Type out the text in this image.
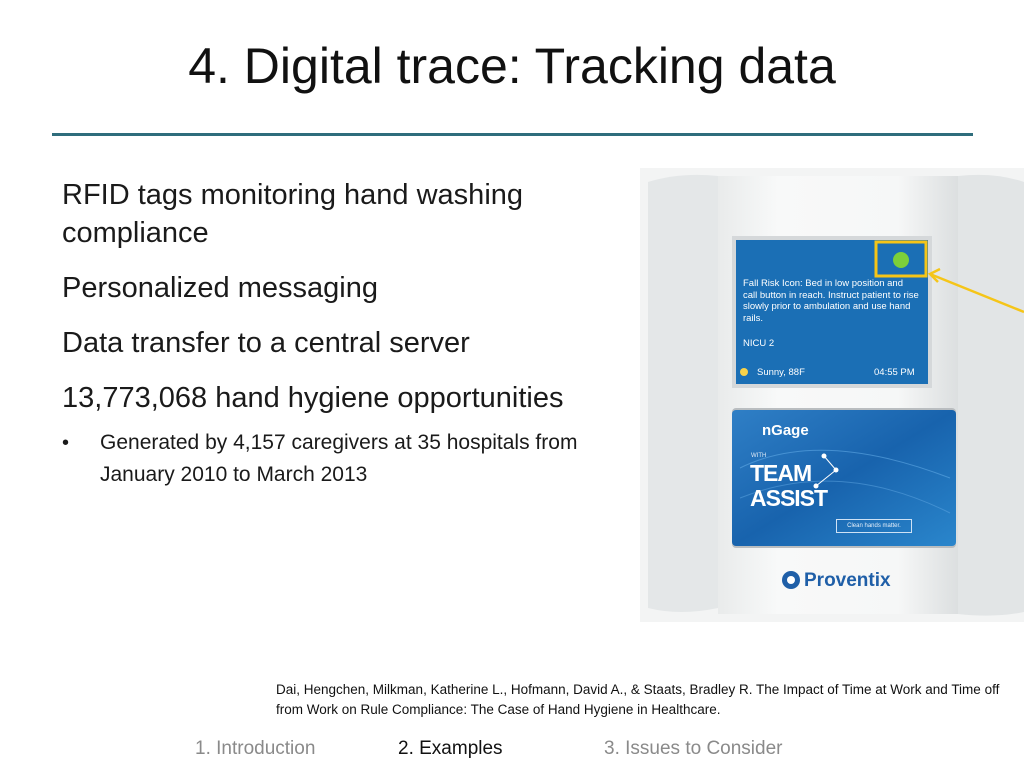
4. Digital trace: Tracking data

RFID tags monitoring hand washing compliance

Personalized messaging

Data transfer to a central server

13,773,068 hand hygiene opportunities

•	Generated by 4,157 caregivers at 35 hospitals from January 2010 to March 2013
Fall Risk Icon: Bed in low position and call button in reach. Instruct patient to rise slowly prior to ambulation and use hand rails.
NICU 2
Sunny, 88F	04:55 PM
nGage
WITH
TEAM
ASSIST
Clean hands matter.
Proventix
Dai, Hengchen, Milkman, Katherine L., Hofmann, David A., & Staats, Bradley R. The Impact of Time at Work and Time off from Work on Rule Compliance: The Case of Hand Hygiene in Healthcare.
1. Introduction	2. Examples	3. Issues to Consider
